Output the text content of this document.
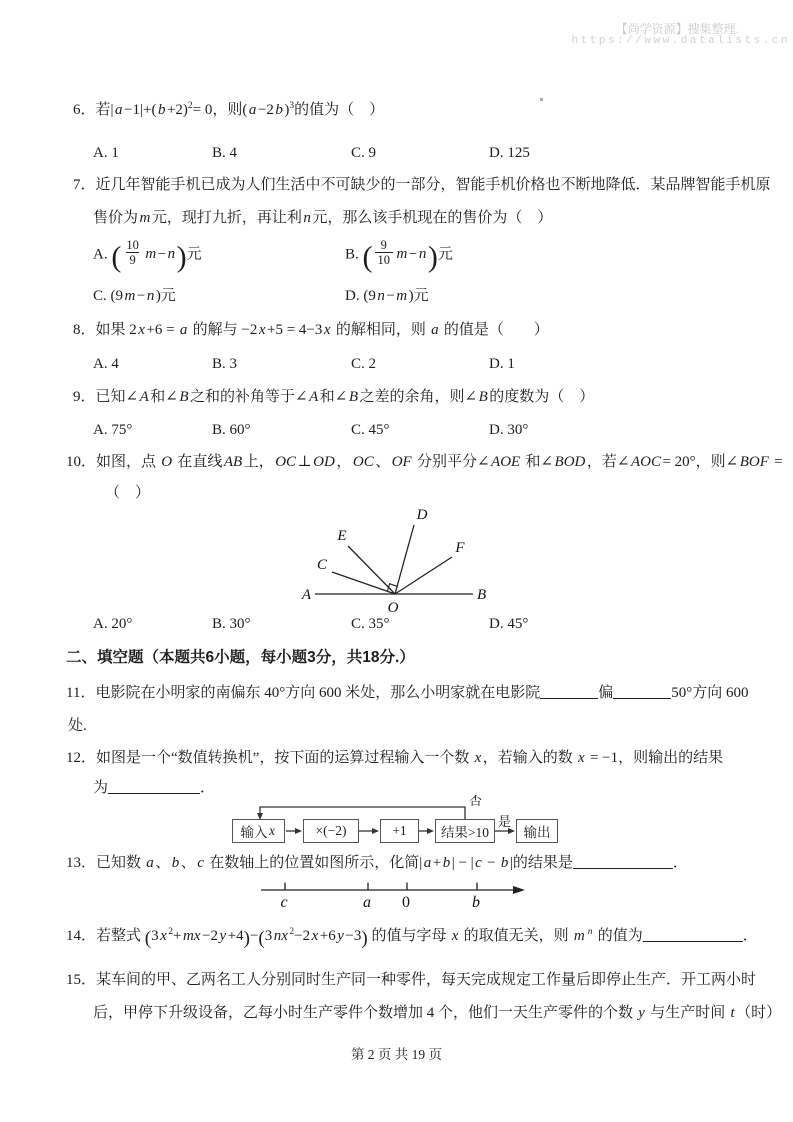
【尚学资源】搜集整理.
https://www.datalists.cn
6．若| a −1|+( b +2)$^2$= 0，则( a −2 b )$^3$的值为（　）
A. 1	B. 4	C. 9	D. 125
7．近几年智能手机已成为人们生活中不可缺少的一部分，智能手机价格也不断地降低．某品牌智能手机原
售价为 m 元，现打九折，再让利 n 元，那么该手机现在的售价为（　）
A. ( $\frac{10}{9}$ m − n)元	B. ( $\frac{9}{10}$ m − n)元
C. (9 m − n )元	D. (9 n − m )元
8．如果 2 x +6 = a 的解与 −2 x +5 = 4−3 x 的解相同，则 a 的值是（　　）
A. 4	B. 3	C. 2	D. 1
9．已知∠ A 和∠ B 之和的补角等于∠ A 和∠ B 之差的余角，则∠ B 的度数为（　）
A. 75°	B. 60°	C. 45°	D. 30°
10．如图，点 O 在直线 AB 上， OC ⊥ OD ， OC 、 OF 分别平分∠ AOE 和∠ BOD ，若∠ AOC = 20°，则∠ BOF =
（　）
A	B
C
E
D
F
O
A. 20°	B. 30°	C. 35°	D. 45°
二、填空题（本题共6小题，每小题3分，共18分.）
11．电影院在小明家的南偏东 40°方向 600 米处，那么小明家就在电影院	偏	50°方向 600
处.
12．如图是一个“数值转换机”，按下面的运算过程输入一个数 x ，若输入的数 x = −1，则输出的结果
为	．
否
是
输入 x	×(−2)	+1	结果>10	输出
13．已知数 a 、 b 、 c 在数轴上的位置如图所示，化简| a + b | − | c − b |的结果是	．
c	a 0	b
14．若整式 (3 x $^2$+ mx −2 y +4)−(3 nx $^2$−2 x +6 y −3) 的值与字母 x 的取值无关，则 m $^n$ 的值为	．
15．某车间的甲、乙两名工人分别同时生产同一种零件，每天完成规定工作量后即停止生产．开工两小时
后，甲停下升级设备，乙每小时生产零件个数增加 4 个，他们一天生产零件的个数 y 与生产时间 t （时）
第 2 页 共 19 页
